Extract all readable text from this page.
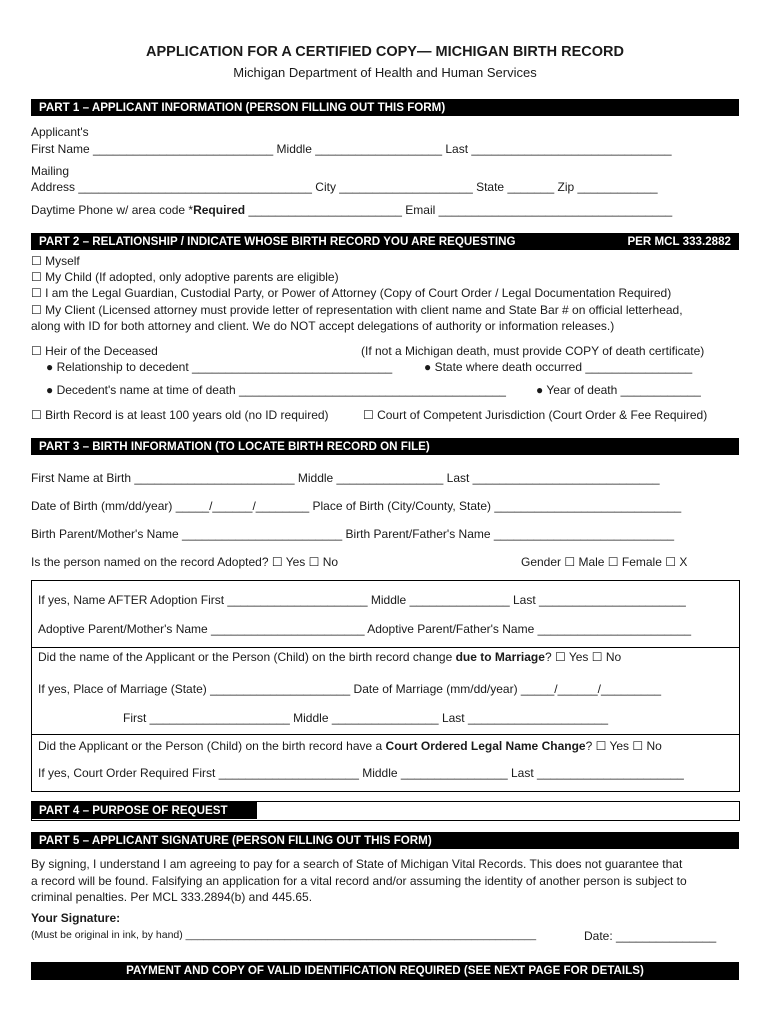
APPLICATION FOR A CERTIFIED COPY— MICHIGAN BIRTH RECORD
Michigan Department of Health and Human Services
PART 1 – APPLICANT INFORMATION (PERSON FILLING OUT THIS FORM)
Applicant's
First Name ___________________________ Middle ___________________ Last ______________________________
Mailing
Address ___________________________________ City ____________________ State _______ Zip ____________
Daytime Phone w/ area code *Required _______________________ Email ___________________________________
PART 2 – RELATIONSHIP / INDICATE WHOSE BIRTH RECORD YOU ARE REQUESTING	PER MCL 333.2882
☐ Myself
☐ My Child (If adopted, only adoptive parents are eligible)
☐ I am the Legal Guardian, Custodial Party, or Power of Attorney (Copy of Court Order / Legal Documentation Required)
☐ My Client (Licensed attorney must provide letter of representation with client name and State Bar # on official letterhead,
along with ID for both attorney and client. We do NOT accept delegations of authority or information releases.)
☐ Heir of the Deceased	(If not a Michigan death, must provide COPY of death certificate)
● Relationship to decedent ______________________________	● State where death occurred ________________
● Decedent's name at time of death ________________________________________	● Year of death ____________
☐ Birth Record is at least 100 years old (no ID required)	☐ Court of Competent Jurisdiction (Court Order & Fee Required)
PART 3 – BIRTH INFORMATION (TO LOCATE BIRTH RECORD ON FILE)
First Name at Birth ________________________ Middle ________________ Last ____________________________
Date of Birth (mm/dd/year) _____/______/________ Place of Birth (City/County, State) ____________________________
Birth Parent/Mother's Name ________________________ Birth Parent/Father's Name ___________________________
Is the person named on the record Adopted? ☐ Yes ☐ No	Gender ☐ Male ☐ Female ☐ X
If yes, Name AFTER Adoption First _____________________ Middle _______________ Last ______________________
Adoptive Parent/Mother's Name _______________________ Adoptive Parent/Father's Name _______________________
Did the name of the Applicant or the Person (Child) on the birth record change due to Marriage? ☐ Yes ☐ No
If yes, Place of Marriage (State) _____________________ Date of Marriage (mm/dd/year) _____/______/_________
First _____________________ Middle ________________ Last _____________________
Did the Applicant or the Person (Child) on the birth record have a Court Ordered Legal Name Change? ☐ Yes ☐ No
If yes, Court Order Required First _____________________ Middle ________________ Last ______________________
PART 4 – PURPOSE OF REQUEST
PART 5 – APPLICANT SIGNATURE (PERSON FILLING OUT THIS FORM)
By signing, I understand I am agreeing to pay for a search of State of Michigan Vital Records. This does not guarantee that
a record will be found. Falsifying an application for a vital record and/or assuming the identity of another person is subject to
criminal penalties. Per MCL 333.2894(b) and 445.65.
Your Signature:
(Must be original in ink, by hand) ____________________________________________________________	Date: _______________
PAYMENT AND COPY OF VALID IDENTIFICATION REQUIRED (SEE NEXT PAGE FOR DETAILS)
